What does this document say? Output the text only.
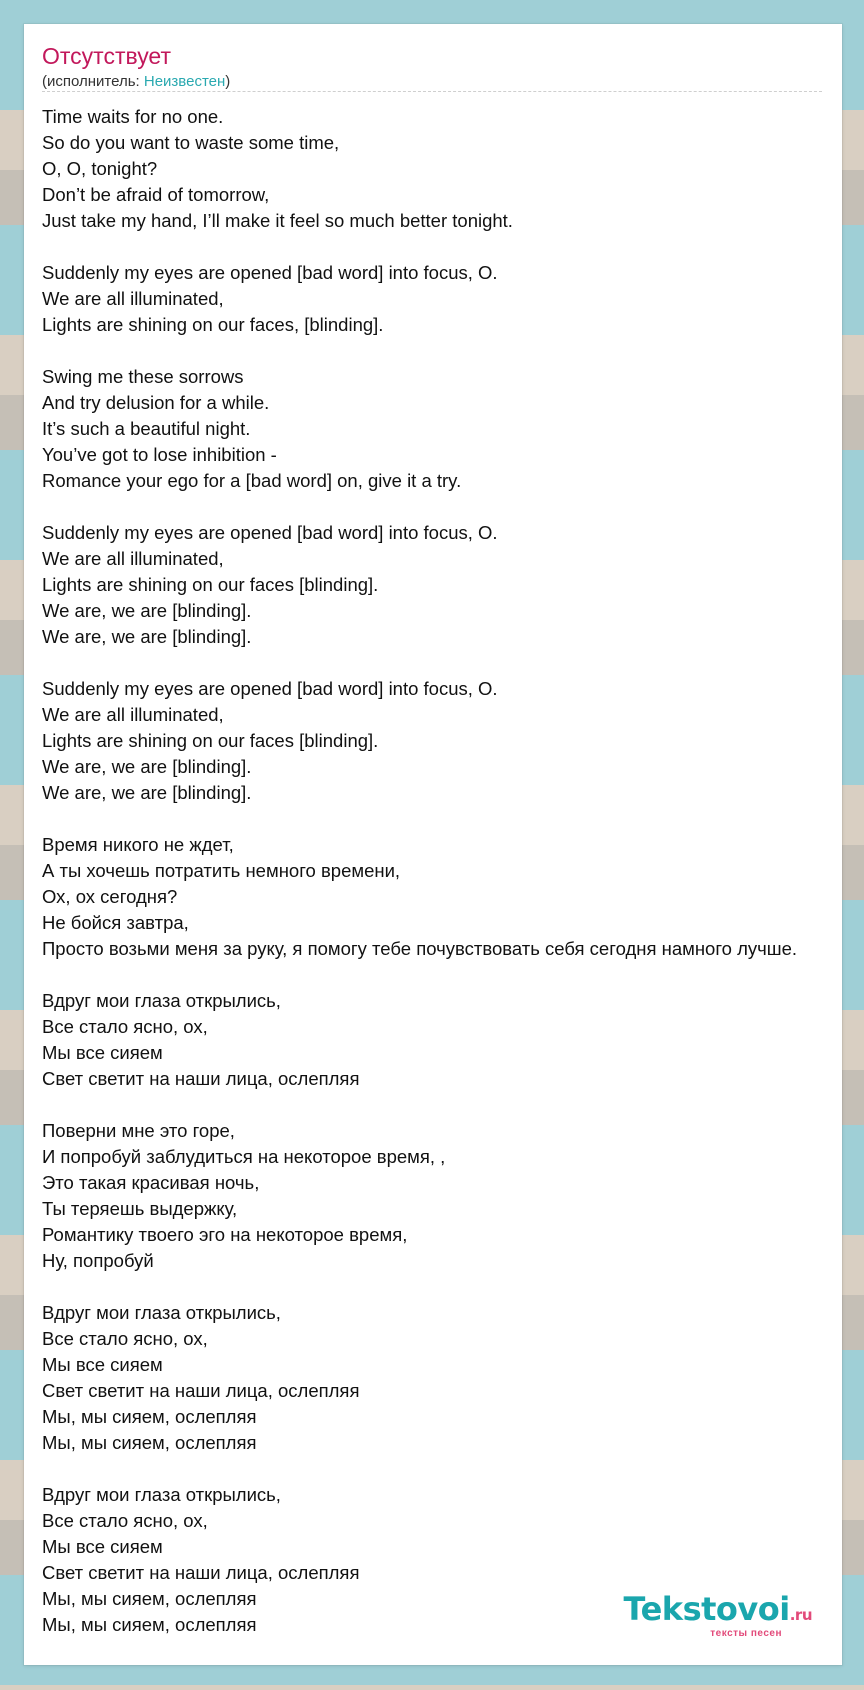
Отсутствует
(исполнитель: Неизвестен)
Time waits for no one.
So do you want to waste some time,
O, O, tonight?
Don’t be afraid of tomorrow,
Just take my hand, I’ll make it feel so much better tonight.
Suddenly my eyes are opened [bad word] into focus, O.
We are all illuminated,
Lights are shining on our faces, [blinding].
Swing me these sorrows
And try delusion for a while.
It’s such a beautiful night.
You’ve got to lose inhibition -
Romance your ego for a [bad word] on, give it a try.
Suddenly my eyes are opened [bad word] into focus, O.
We are all illuminated,
Lights are shining on our faces [blinding].
We are, we are [blinding].
We are, we are [blinding].
Suddenly my eyes are opened [bad word] into focus, O.
We are all illuminated,
Lights are shining on our faces [blinding].
We are, we are [blinding].
We are, we are [blinding].
Время никого не ждет,
А ты хочешь потратить немного времени,
Ох, ох сегодня?
Не бойся завтра,
Просто возьми меня за руку, я помогу тебе почувствовать себя сегодня намного лучше.
Вдруг мои глаза открылись,
Все стало ясно, ох,
Мы все сияем
Свет светит на наши лица, ослепляя
Поверни мне это горе,
И попробуй заблудиться на некоторое время, ,
Это такая красивая ночь,
Ты теряешь выдержку,
Романтику твоего эго на некоторое время,
Ну, попробуй
Вдруг мои глаза открылись,
Все стало ясно, ох,
Мы все сияем
Свет светит на наши лица, ослепляя
Мы, мы сияем, ослепляя
Мы, мы сияем, ослепляя
Вдруг мои глаза открылись,
Все стало ясно, ох,
Мы все сияем
Свет светит на наши лица, ослепляя
Мы, мы сияем, ослепляя
Мы, мы сияем, ослепляя	Tekstovoi.ru
тексты песен
